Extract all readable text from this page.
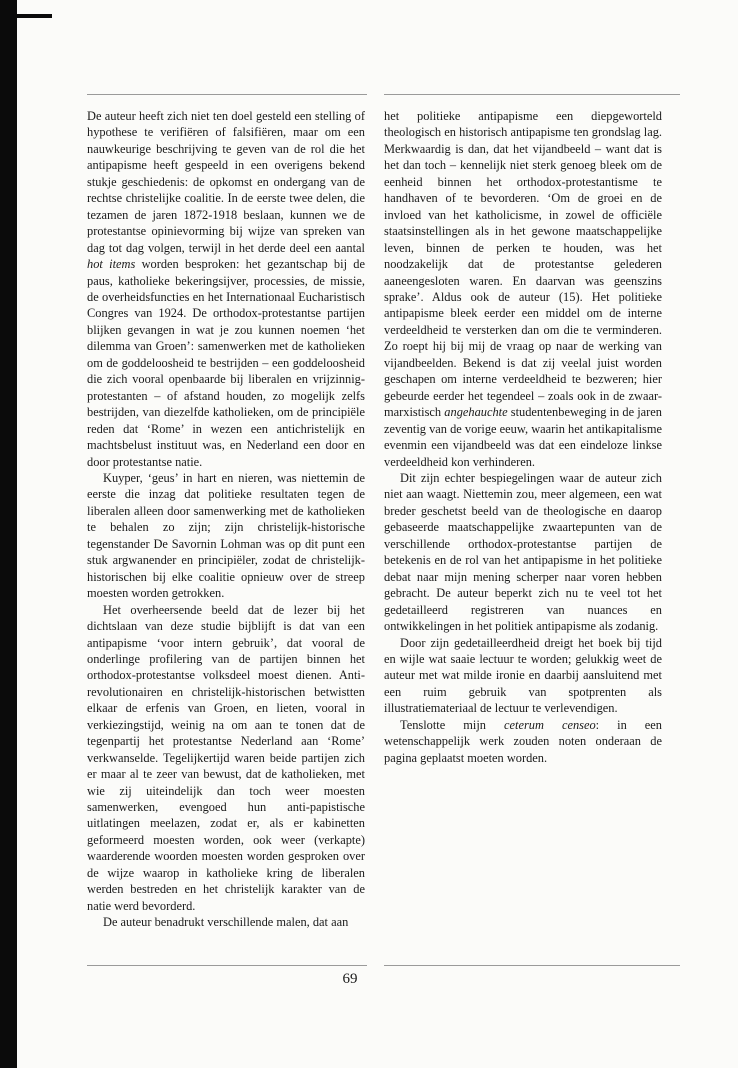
De auteur heeft zich niet ten doel gesteld een stelling of hypothese te verifiëren of falsifiëren, maar om een nauwkeurige beschrijving te geven van de rol die het antipapisme heeft gespeeld in een overigens bekend stukje geschiedenis: de opkomst en ondergang van de rechtse christelijke coalitie. In de eerste twee delen, die tezamen de jaren 1872-1918 beslaan, kunnen we de protestantse opinievorming bij wijze van spreken van dag tot dag volgen, terwijl in het derde deel een aantal hot items worden besproken: het gezantschap bij de paus, katholieke bekeringsijver, processies, de missie, de overheidsfuncties en het Internationaal Eucharistisch Congres van 1924. De orthodox-protestantse partijen blijken gevangen in wat je zou kunnen noemen ‘het dilemma van Groen’: samenwerken met de katholieken om de goddeloosheid te bestrijden – een goddeloosheid die zich vooral openbaarde bij liberalen en vrijzinnig-protestanten – of afstand houden, zo mogelijk zelfs bestrijden, van diezelfde katholieken, om de principiële reden dat ‘Rome’ in wezen een antichristelijk en machtsbelust instituut was, en Nederland een door en door protestantse natie.

Kuyper, ‘geus’ in hart en nieren, was niettemin de eerste die inzag dat politieke resultaten tegen de liberalen alleen door samenwerking met de katholieken te behalen zo zijn; zijn christelijk-historische tegenstander De Savornin Lohman was op dit punt een stuk argwanender en principiëler, zodat de christelijk-historischen bij elke coalitie opnieuw over de streep moesten worden getrokken.

Het overheersende beeld dat de lezer bij het dichtslaan van deze studie bijblijft is dat van een antipapisme ‘voor intern gebruik’, dat vooral de onderlinge profilering van de partijen binnen het orthodox-protestantse volksdeel moest dienen. Anti-revolutionairen en christelijk-historischen betwistten elkaar de erfenis van Groen, en lieten, vooral in verkiezingstijd, weinig na om aan te tonen dat de tegenpartij het protestantse Nederland aan ‘Rome’ verkwanselde. Tegelijkertijd waren beide partijen zich er maar al te zeer van bewust, dat de katholieken, met wie zij uiteindelijk dan toch weer moesten samenwerken, evengoed hun anti-papistische uitlatingen meelazen, zodat er, als er kabinetten geformeerd moesten worden, ook weer (verkapte) waarderende woorden moesten worden gesproken over de wijze waarop in katholieke kring de liberalen werden bestreden en het christelijk karakter van de natie werd bevorderd.

De auteur benadrukt verschillende malen, dat aan

het politieke antipapisme een diepgeworteld theologisch en historisch antipapisme ten grondslag lag. Merkwaardig is dan, dat het vijandbeeld – want dat is het dan toch – kennelijk niet sterk genoeg bleek om de eenheid binnen het orthodox-protestantisme te handhaven of te bevorderen. ‘Om de groei en de invloed van het katholicisme, in zowel de officiële staatsinstellingen als in het gewone maatschappelijke leven, binnen de perken te houden, was het noodzakelijk dat de protestantse gelederen aaneengesloten waren. En daarvan was geenszins sprake’. Aldus ook de auteur (15). Het politieke antipapisme bleek eerder een middel om de interne verdeeldheid te versterken dan om die te verminderen. Zo roept hij bij mij de vraag op naar de werking van vijandbeelden. Bekend is dat zij veelal juist worden geschapen om interne verdeeldheid te bezweren; hier gebeurde eerder het tegendeel – zoals ook in de zwaar-marxistisch angehauchte studentenbeweging in de jaren zeventig van de vorige eeuw, waarin het antikapitalisme evenmin een vijandbeeld was dat een eindeloze linkse verdeeldheid kon verhinderen.

Dit zijn echter bespiegelingen waar de auteur zich niet aan waagt. Niettemin zou, meer algemeen, een wat breder geschetst beeld van de theologische en daarop gebaseerde maatschappelijke zwaartepunten van de verschillende orthodox-protestantse partijen de betekenis en de rol van het antipapisme in het politieke debat naar mijn mening scherper naar voren hebben gebracht. De auteur beperkt zich nu te veel tot het gedetailleerd registreren van nuances en ontwikkelingen in het politiek antipapisme als zodanig.

Door zijn gedetailleerdheid dreigt het boek bij tijd en wijle wat saaie lectuur te worden; gelukkig weet de auteur met wat milde ironie en daarbij aansluitend met een ruim gebruik van spotprenten als illustratiemateriaal de lectuur te verlevendigen.

Tenslotte mijn ceterum censeo: in een wetenschappelijk werk zouden noten onderaan de pagina geplaatst moeten worden.

69
